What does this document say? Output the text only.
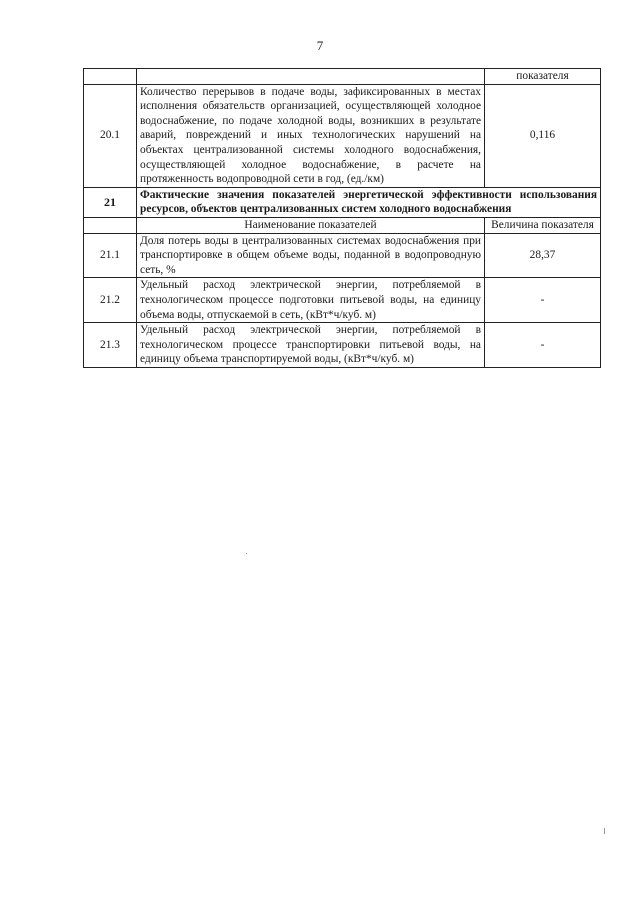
7
		показателя
20.1	Количество перерывов в подаче воды, зафиксированных в местах исполнения обязательств организацией, осуществляющей холодное водоснабжение, по подаче холодной воды, возникших в результате аварий, повреждений и иных технологических нарушений на объектах централизованной системы холодного водоснабжения, осуществляющей холодное водоснабжение, в расчете на протяженность водопроводной сети в год, (ед./км)	0,116
21	Фактические значения показателей энергетической эффективности использования ресурсов, объектов централизованных систем холодного водоснабжения	
	Наименование показателей	Величина показателя
21.1	Доля потерь воды в централизованных системах водоснабжения при транспортировке в общем объеме воды, поданной в водопроводную сеть, %	28,37
21.2	Удельный расход электрической энергии, потребляемой в технологическом процессе подготовки питьевой воды, на единицу объема воды, отпускаемой в сеть, (кВт*ч/куб. м)	-
21.3	Удельный расход электрической энергии, потребляемой в технологическом процессе транспортировки питьевой воды, на единицу объема транспортируемой воды, (кВт*ч/куб. м)	-
